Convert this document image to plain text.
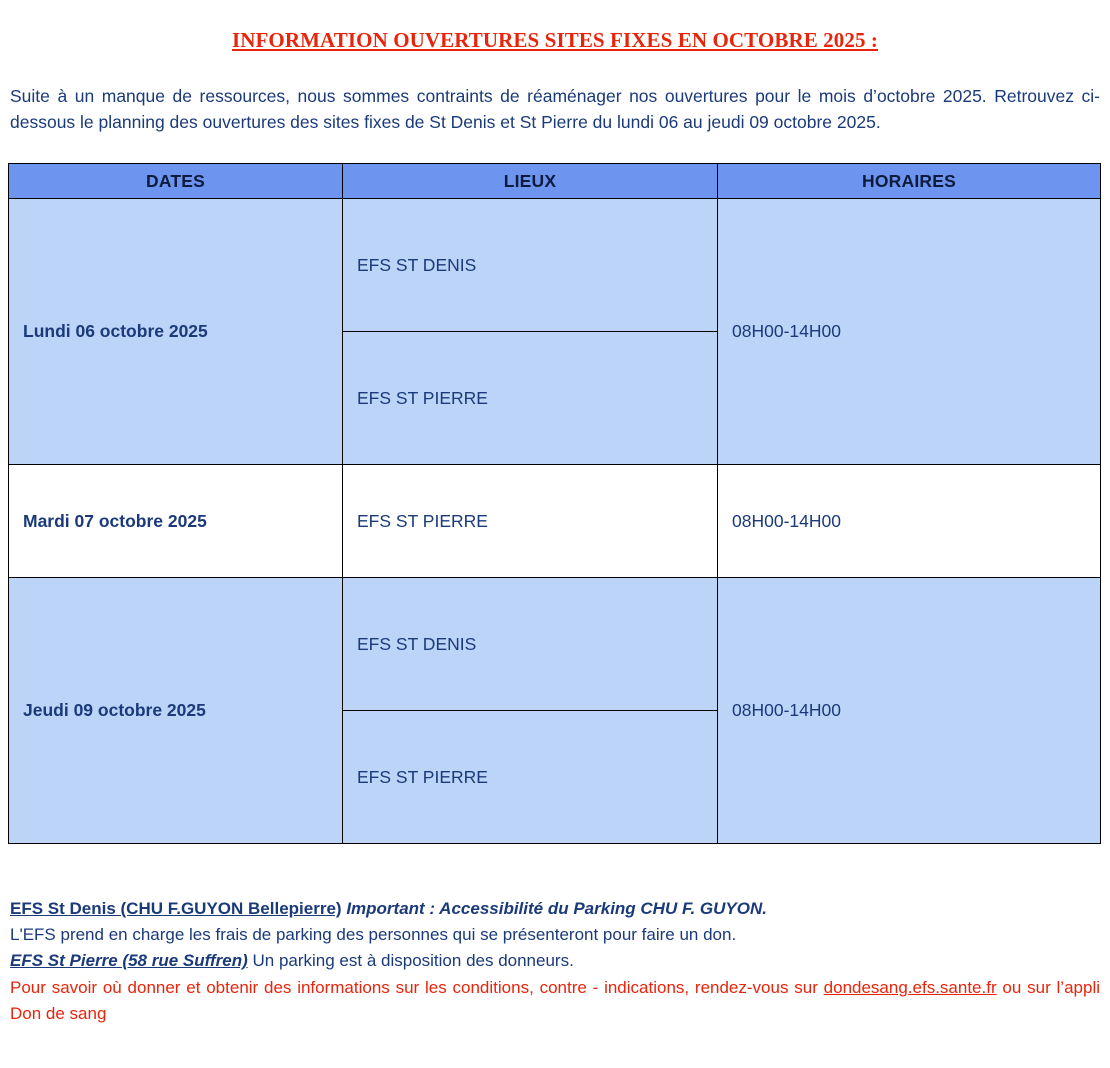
INFORMATION OUVERTURES SITES FIXES EN OCTOBRE 2025 :

Suite à un manque de ressources, nous sommes contraints de réaménager nos ouvertures pour le mois d’octobre 2025. Retrouvez ci-dessous le planning des ouvertures des sites fixes de St Denis et St Pierre du lundi 06 au jeudi 09 octobre 2025.

DATES	LIEUX	HORAIRES
Lundi 06 octobre 2025	EFS ST DENIS	08H00-14H00
	EFS ST PIERRE	
Mardi 07 octobre 2025	EFS ST PIERRE	08H00-14H00
Jeudi 09 octobre 2025	EFS ST DENIS	08H00-14H00
	EFS ST PIERRE	
EFS St Denis (CHU F.GUYON Bellepierre) Important : Accessibilité du Parking CHU F. GUYON.
L'EFS prend en charge les frais de parking des personnes qui se présenteront pour faire un don.
EFS St Pierre (58 rue Suffren) Un parking est à disposition des donneurs.
Pour savoir où donner et obtenir des informations sur les conditions, contre - indications, rendez-vous sur dondesang.efs.sante.fr ou sur l’appli Don de sang
